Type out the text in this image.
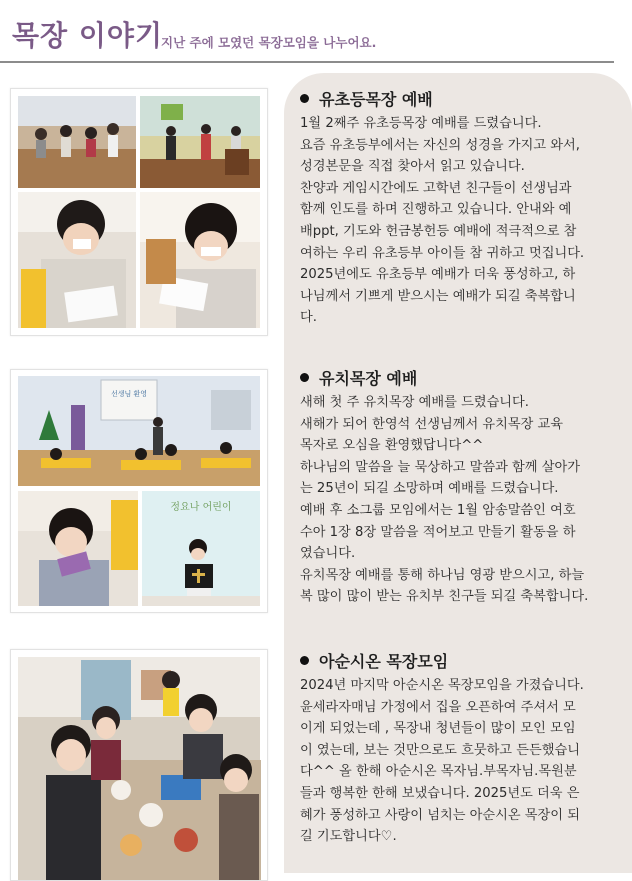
목장 이야기
지난 주에 모였던 목장모임을 나누어요.
선생님 환영
정요나 어린이
유초등목장 예배
1월 2째주 유초등목장 예배를 드렸습니다.
요즘 유초등부에서는 자신의 성경을 가지고 와서,
성경본문을 직접 찾아서 읽고 있습니다.
찬양과 게임시간에도 고학년 친구들이 선생님과
함께 인도를 하며 진행하고 있습니다. 안내와 예
배ppt, 기도와 헌금봉헌등 예배에 적극적으로 참
여하는 우리 유초등부 아이들 참 귀하고 멋집니다.
2025년에도 유초등부 예배가 더욱 풍성하고, 하
나님께서 기쁘게 받으시는 예배가 되길 축복합니
다.
유치목장 예배
새해 첫 주 유치목장 예배를 드렸습니다.
새해가 되어 한영석 선생님께서 유치목장 교육
목자로 오심을 환영했답니다^^
하나님의 말씀을 늘 묵상하고 말씀과 함께 살아가
는 25년이 되길 소망하며 예배를 드렸습니다.
예배 후 소그룹 모임에서는 1월 암송말씀인 여호
수아 1장 8장 말씀을 적어보고 만들기 활동을 하
였습니다.
유치목장 예배를 통해 하나님 영광 받으시고, 하늘
복 많이 많이 받는 유치부 친구들 되길 축복합니다.
아순시온 목장모임
2024년 마지막 아순시온 목장모임을 가졌습니다.
윤세라자매님 가정에서 집을 오픈하여 주셔서 모
이게 되었는데 , 목장내 청년들이 많이 모인 모임
이 였는데, 보는 것만으로도 흐뭇하고 든든했습니
다^^ 올 한해 아순시온 목자님.부목자님.목원분
들과 행복한 한해 보냈습니다. 2025년도 더욱 은
혜가 풍성하고 사랑이 넘치는 아순시온 목장이 되
길 기도합니다♡.
